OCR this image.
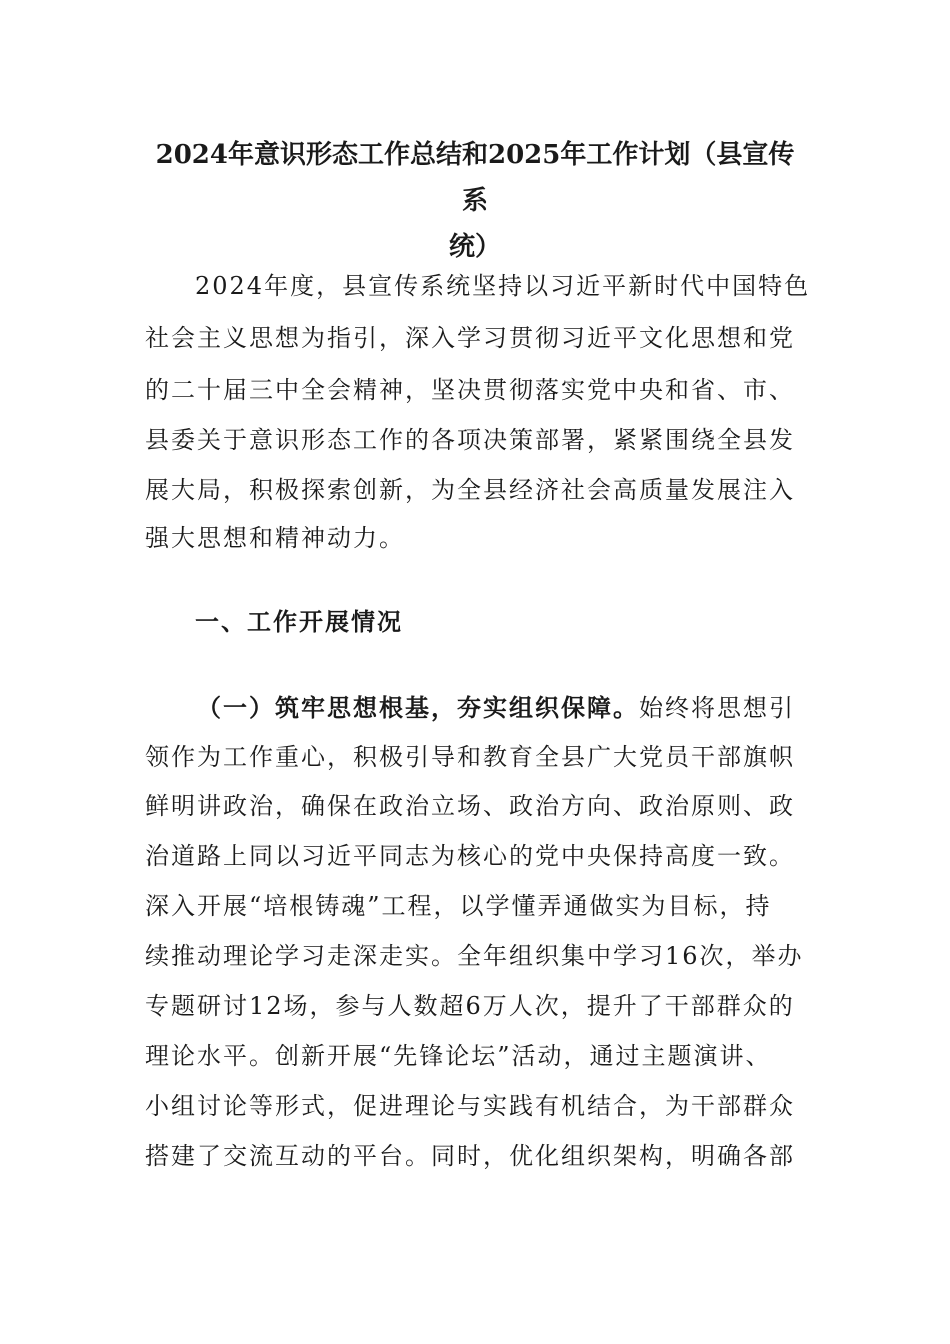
2024年意识形态工作总结和2025年工作计划（县宣传系
统）
2024年度，县宣传系统坚持以习近平新时代中国特色
社会主义思想为指引，深入学习贯彻习近平文化思想和党
的二十届三中全会精神，坚决贯彻落实党中央和省、市、
县委关于意识形态工作的各项决策部署，紧紧围绕全县发
展大局，积极探索创新，为全县经济社会高质量发展注入
强大思想和精神动力。
一、工作开展情况
（一）筑牢思想根基，夯实组织保障。始终将思想引
领作为工作重心，积极引导和教育全县广大党员干部旗帜
鲜明讲政治，确保在政治立场、政治方向、政治原则、政
治道路上同以习近平同志为核心的党中央保持高度一致。
深入开展“培根铸魂”工程，以学懂弄通做实为目标，持
续推动理论学习走深走实。全年组织集中学习16次，举办
专题研讨12场，参与人数超6万人次，提升了干部群众的
理论水平。创新开展“先锋论坛”活动，通过主题演讲、
小组讨论等形式，促进理论与实践有机结合，为干部群众
搭建了交流互动的平台。同时，优化组织架构，明确各部
